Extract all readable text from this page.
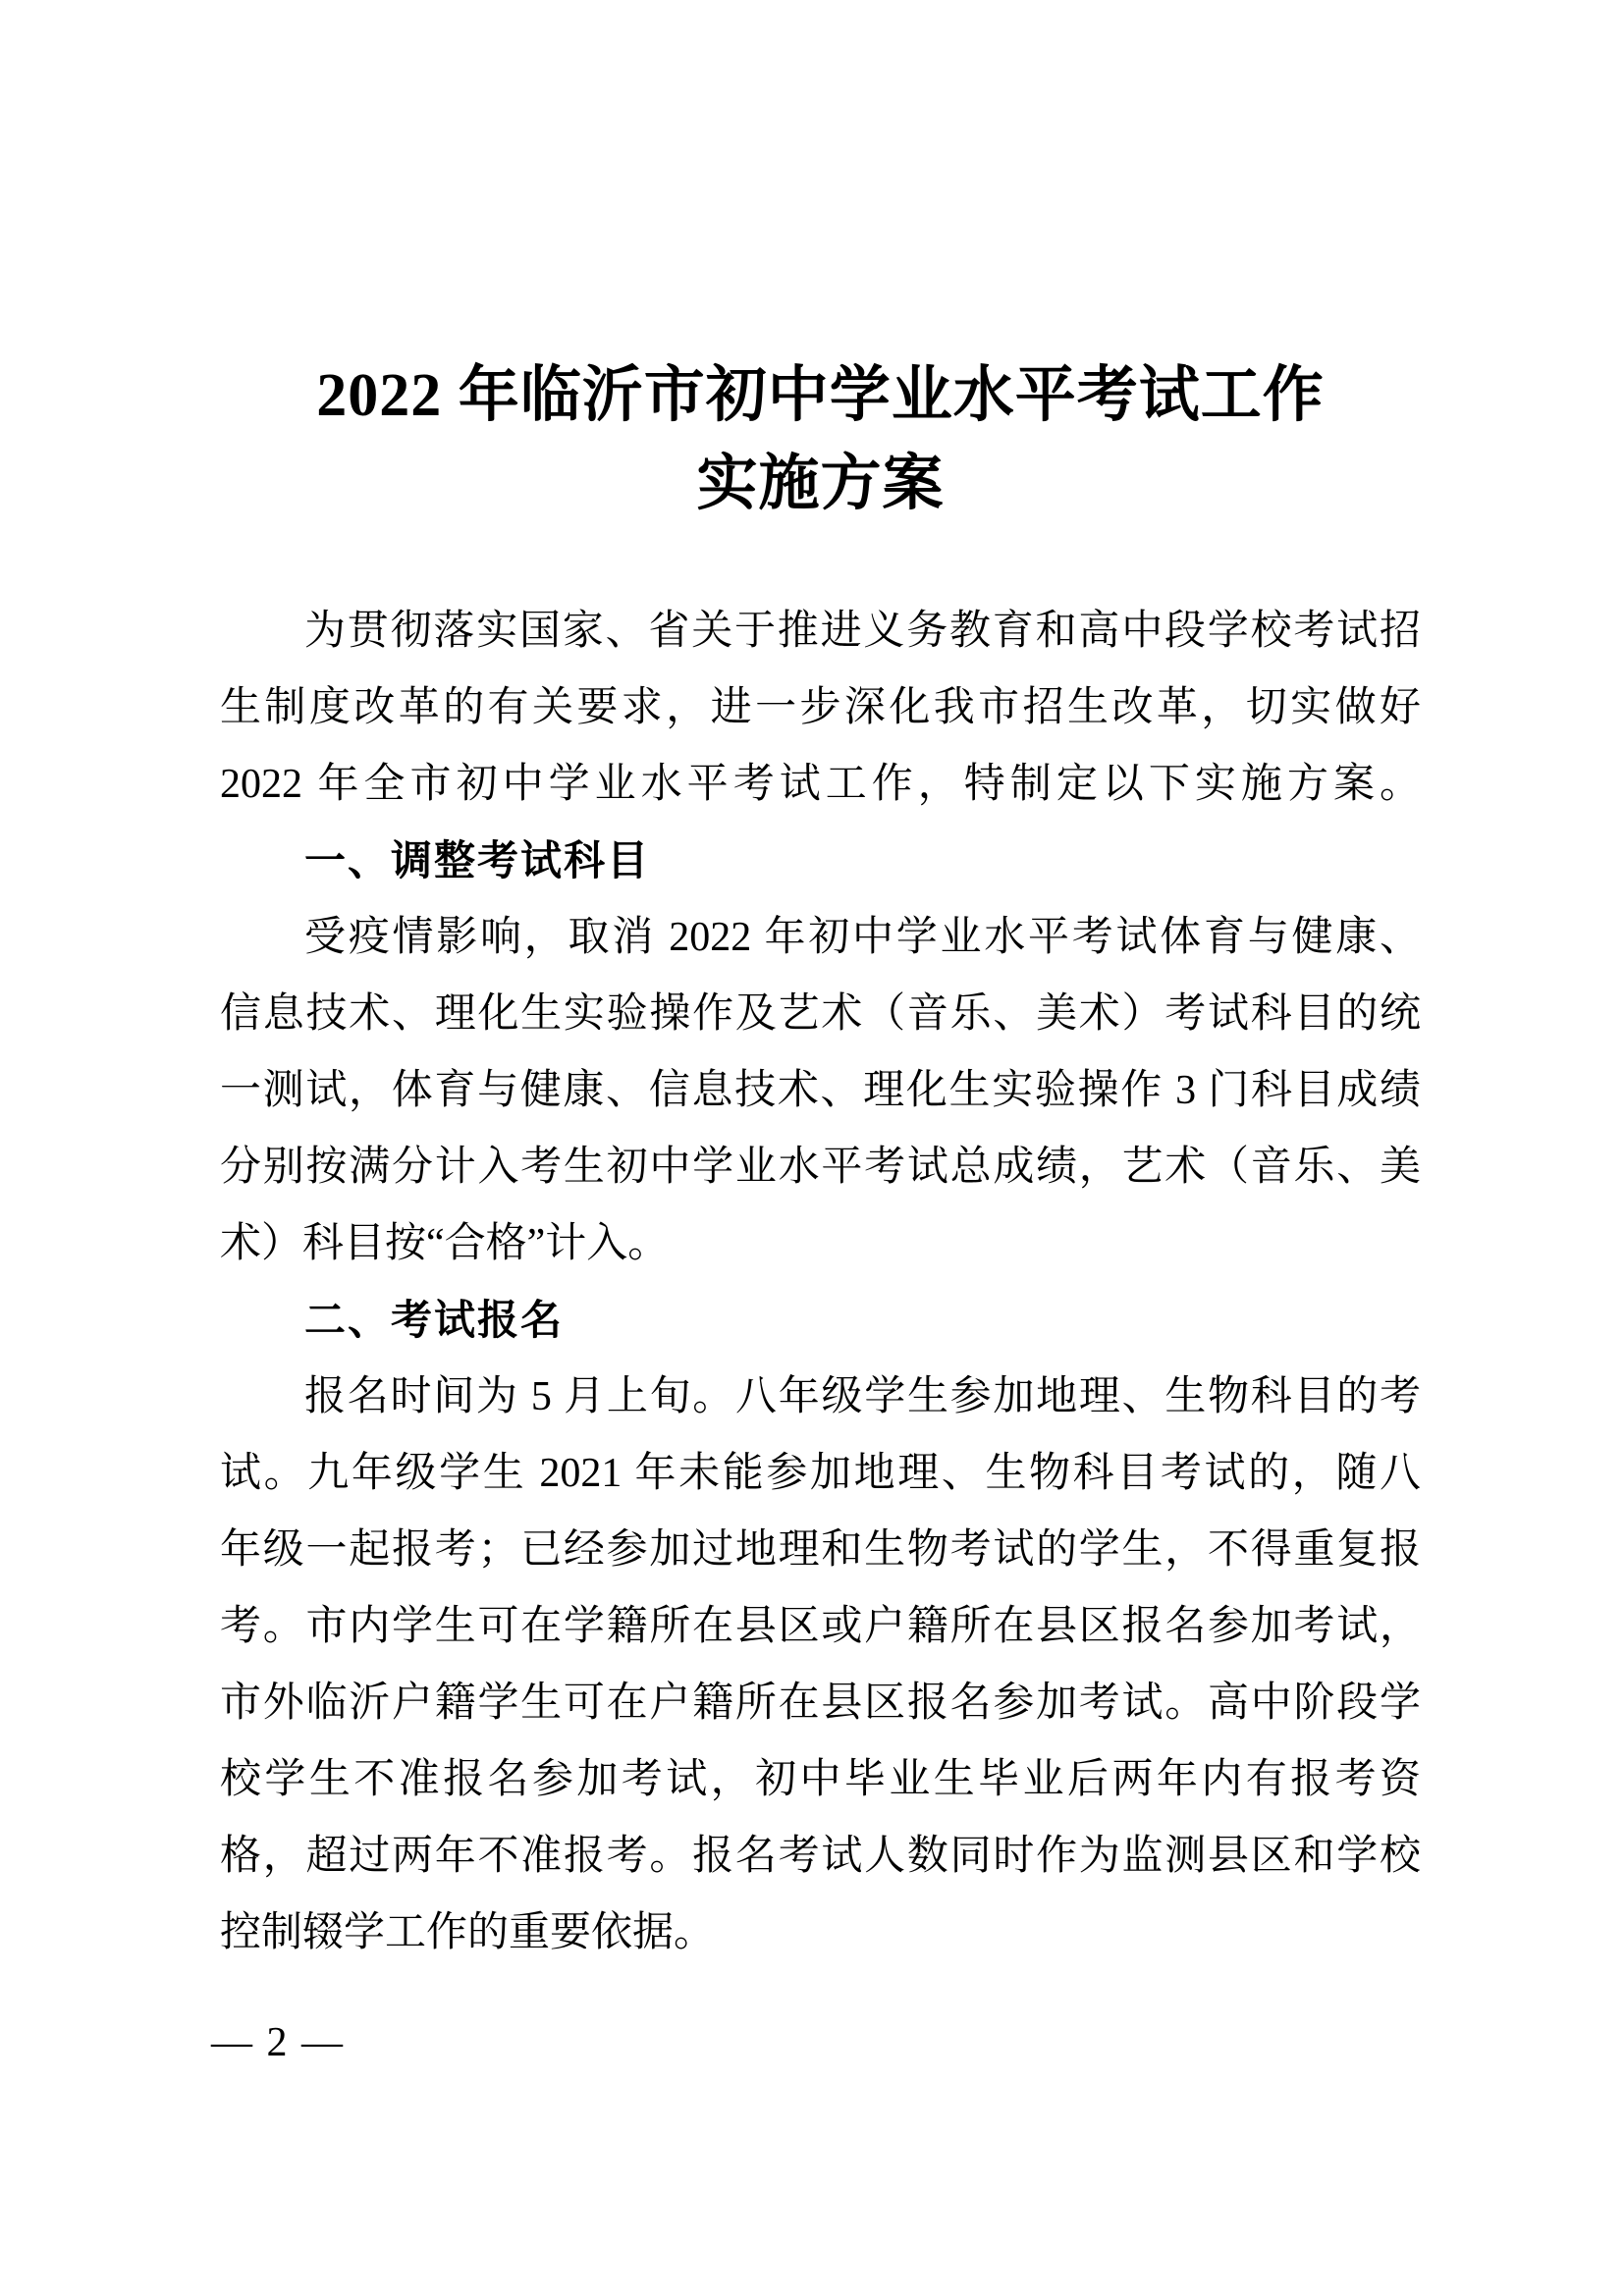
2022 年临沂市初中学业水平考试工作
实施方案
为贯彻落实国家、省关于推进义务教育和高中段学校考试招
生制度改革的有关要求，进一步深化我市招生改革，切实做好
2022 年全市初中学业水平考试工作，特制定以下实施方案。
一、调整考试科目
受疫情影响，取消 2022 年初中学业水平考试体育与健康、
信息技术、理化生实验操作及艺术（音乐、美术）考试科目的统
一测试，体育与健康、信息技术、理化生实验操作 3 门科目成绩
分别按满分计入考生初中学业水平考试总成绩，艺术（音乐、美
术）科目按“合格”计入。
二、考试报名
报名时间为 5 月上旬。八年级学生参加地理、生物科目的考
试。九年级学生 2021 年未能参加地理、生物科目考试的，随八
年级一起报考；已经参加过地理和生物考试的学生，不得重复报
考。市内学生可在学籍所在县区或户籍所在县区报名参加考试，
市外临沂户籍学生可在户籍所在县区报名参加考试。高中阶段学
校学生不准报名参加考试，初中毕业生毕业后两年内有报考资
格，超过两年不准报考。报名考试人数同时作为监测县区和学校
控制辍学工作的重要依据。
— 2 —
